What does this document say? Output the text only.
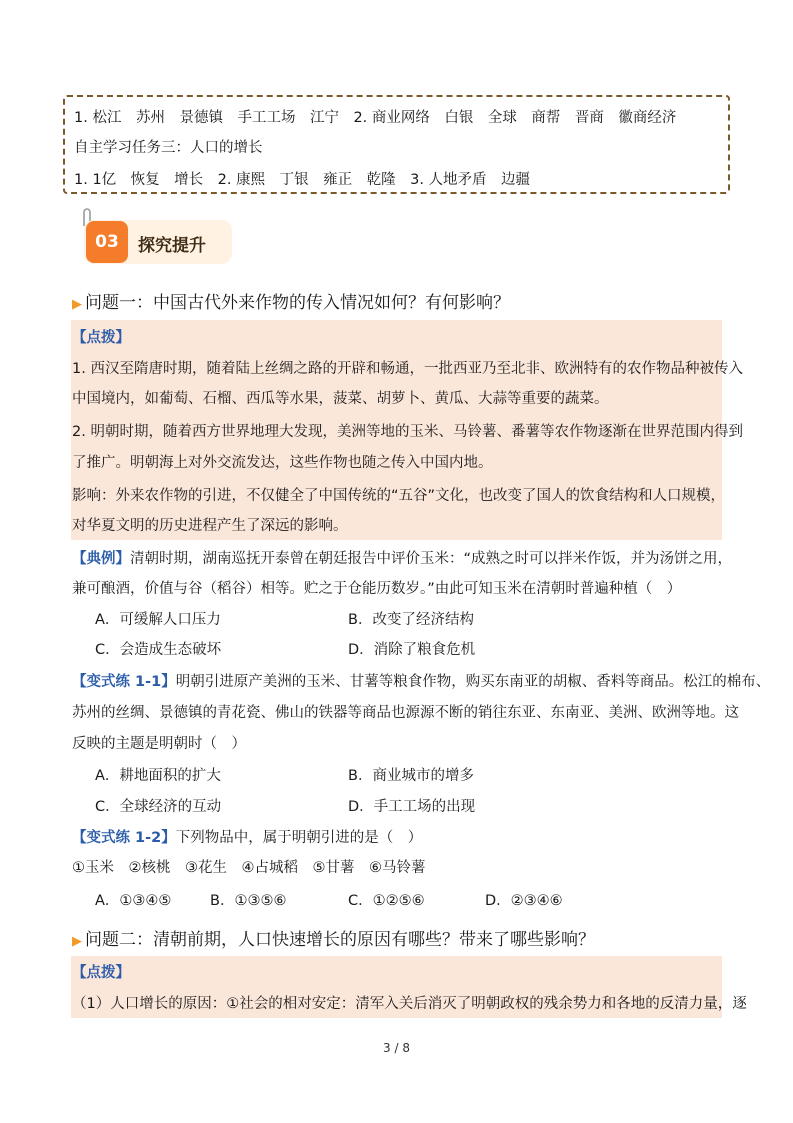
1. 松江　苏州　景德镇　手工工场　江宁　2. 商业网络　白银　全球　商帮　晋商　徽商经济
自主学习任务三：人口的增长
1. 1亿　恢复　增长　2. 康熙　丁银　雍正　乾隆　3. 人地矛盾　边疆
03	探究提升
▶ 问题一：中国古代外来作物的传入情况如何？有何影响？
【点拨】
1. 西汉至隋唐时期，随着陆上丝绸之路的开辟和畅通，一批西亚乃至北非、欧洲特有的农作物品种被传入
中国境内，如葡萄、石榴、西瓜等水果，菠菜、胡萝卜、黄瓜、大蒜等重要的蔬菜。
2. 明朝时期，随着西方世界地理大发现，美洲等地的玉米、马铃薯、番薯等农作物逐渐在世界范围内得到
了推广。明朝海上对外交流发达，这些作物也随之传入中国内地。
影响：外来农作物的引进，不仅健全了中国传统的“五谷”文化，也改变了国人的饮食结构和人口规模，
对华夏文明的历史进程产生了深远的影响。
【典例】清朝时期，湖南巡抚开泰曾在朝廷报告中评价玉米：“成熟之时可以拌米作饭，并为汤饼之用，
兼可酿酒，价值与谷（稻谷）相等。贮之于仓能历数岁。”由此可知玉米在清朝时普遍种植（　）
A．可缓解人口压力	B．改变了经济结构
C．会造成生态破坏	D．消除了粮食危机
【变式练 1-1】明朝引进原产美洲的玉米、甘薯等粮食作物，购买东南亚的胡椒、香料等商品。松江的棉布、
苏州的丝绸、景德镇的青花瓷、佛山的铁器等商品也源源不断的销往东亚、东南亚、美洲、欧洲等地。这
反映的主题是明朝时（　）
A．耕地面积的扩大	B．商业城市的增多
C．全球经济的互动	D．手工工场的出现
【变式练 1-2】下列物品中，属于明朝引进的是（　）
①玉米　②核桃　③花生　④占城稻　⑤甘薯　⑥马铃薯
A．①③④⑤	B．①③⑤⑥	C．①②⑤⑥	D．②③④⑥
▶ 问题二：清朝前期，人口快速增长的原因有哪些？带来了哪些影响？
【点拨】
（1）人口增长的原因：①社会的相对安定：清军入关后消灭了明朝政权的残余势力和各地的反清力量，逐
3 / 8
